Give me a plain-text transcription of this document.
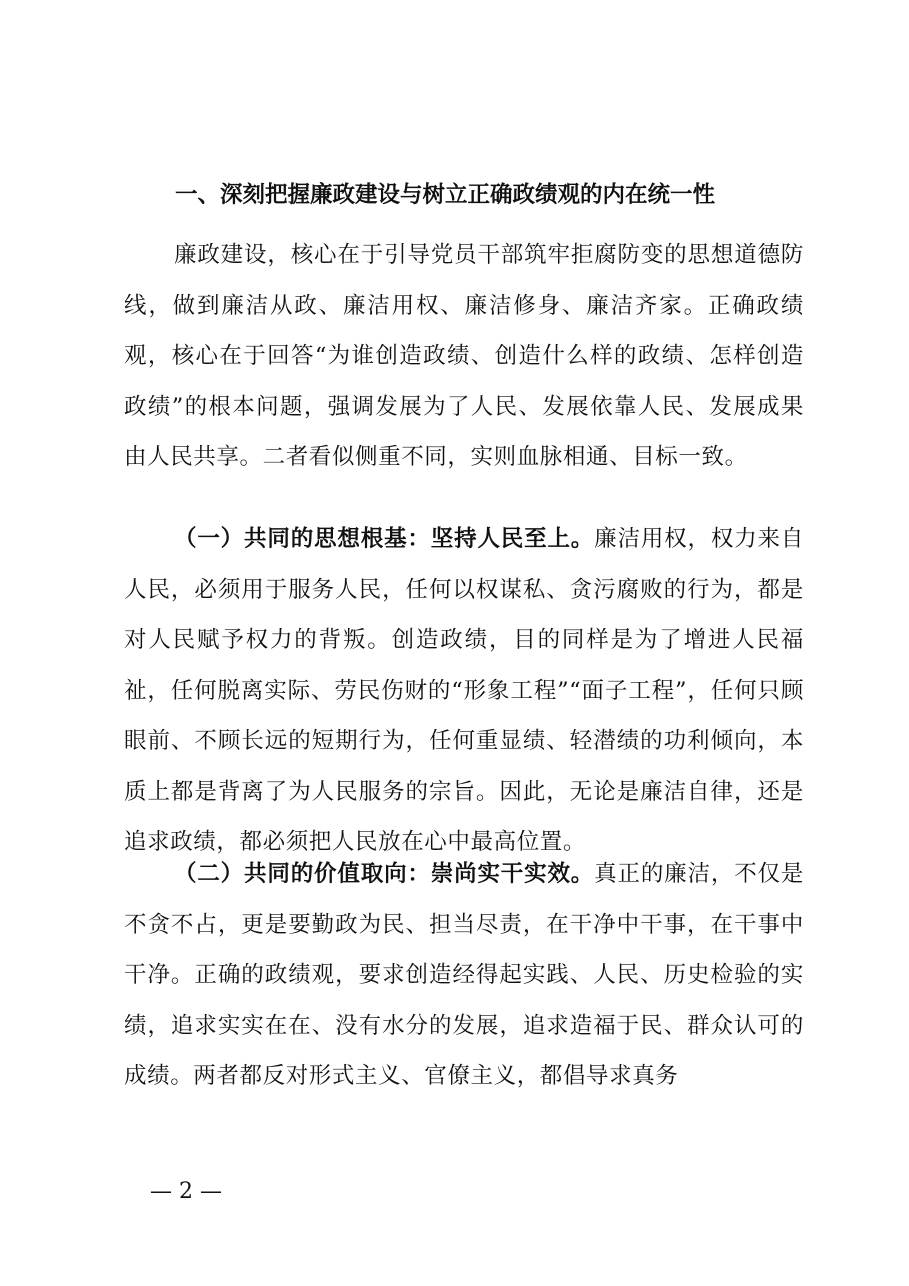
一、深刻把握廉政建设与树立正确政绩观的内在统一性

廉政建设，核心在于引导党员干部筑牢拒腐防变的思想道德防线，做到廉洁从政、廉洁用权、廉洁修身、廉洁齐家。正确政绩观，核心在于回答“为谁创造政绩、创造什么样的政绩、怎样创造政绩”的根本问题，强调发展为了人民、发展依靠人民、发展成果由人民共享。二者看似侧重不同，实则血脉相通、目标一致。

（一）共同的思想根基：坚持人民至上。廉洁用权，权力来自人民，必须用于服务人民，任何以权谋私、贪污腐败的行为，都是对人民赋予权力的背叛。创造政绩，目的同样是为了增进人民福祉，任何脱离实际、劳民伤财的“形象工程”“面子工程”，任何只顾眼前、不顾长远的短期行为，任何重显绩、轻潜绩的功利倾向，本质上都是背离了为人民服务的宗旨。因此，无论是廉洁自律，还是追求政绩，都必须把人民放在心中最高位置。

（二）共同的价值取向：崇尚实干实效。真正的廉洁，不仅是不贪不占，更是要勤政为民、担当尽责，在干净中干事，在干事中干净。正确的政绩观，要求创造经得起实践、人民、历史检验的实绩，追求实实在在、没有水分的发展，追求造福于民、群众认可的成绩。两者都反对形式主义、官僚主义，都倡导求真务

— 2 —
